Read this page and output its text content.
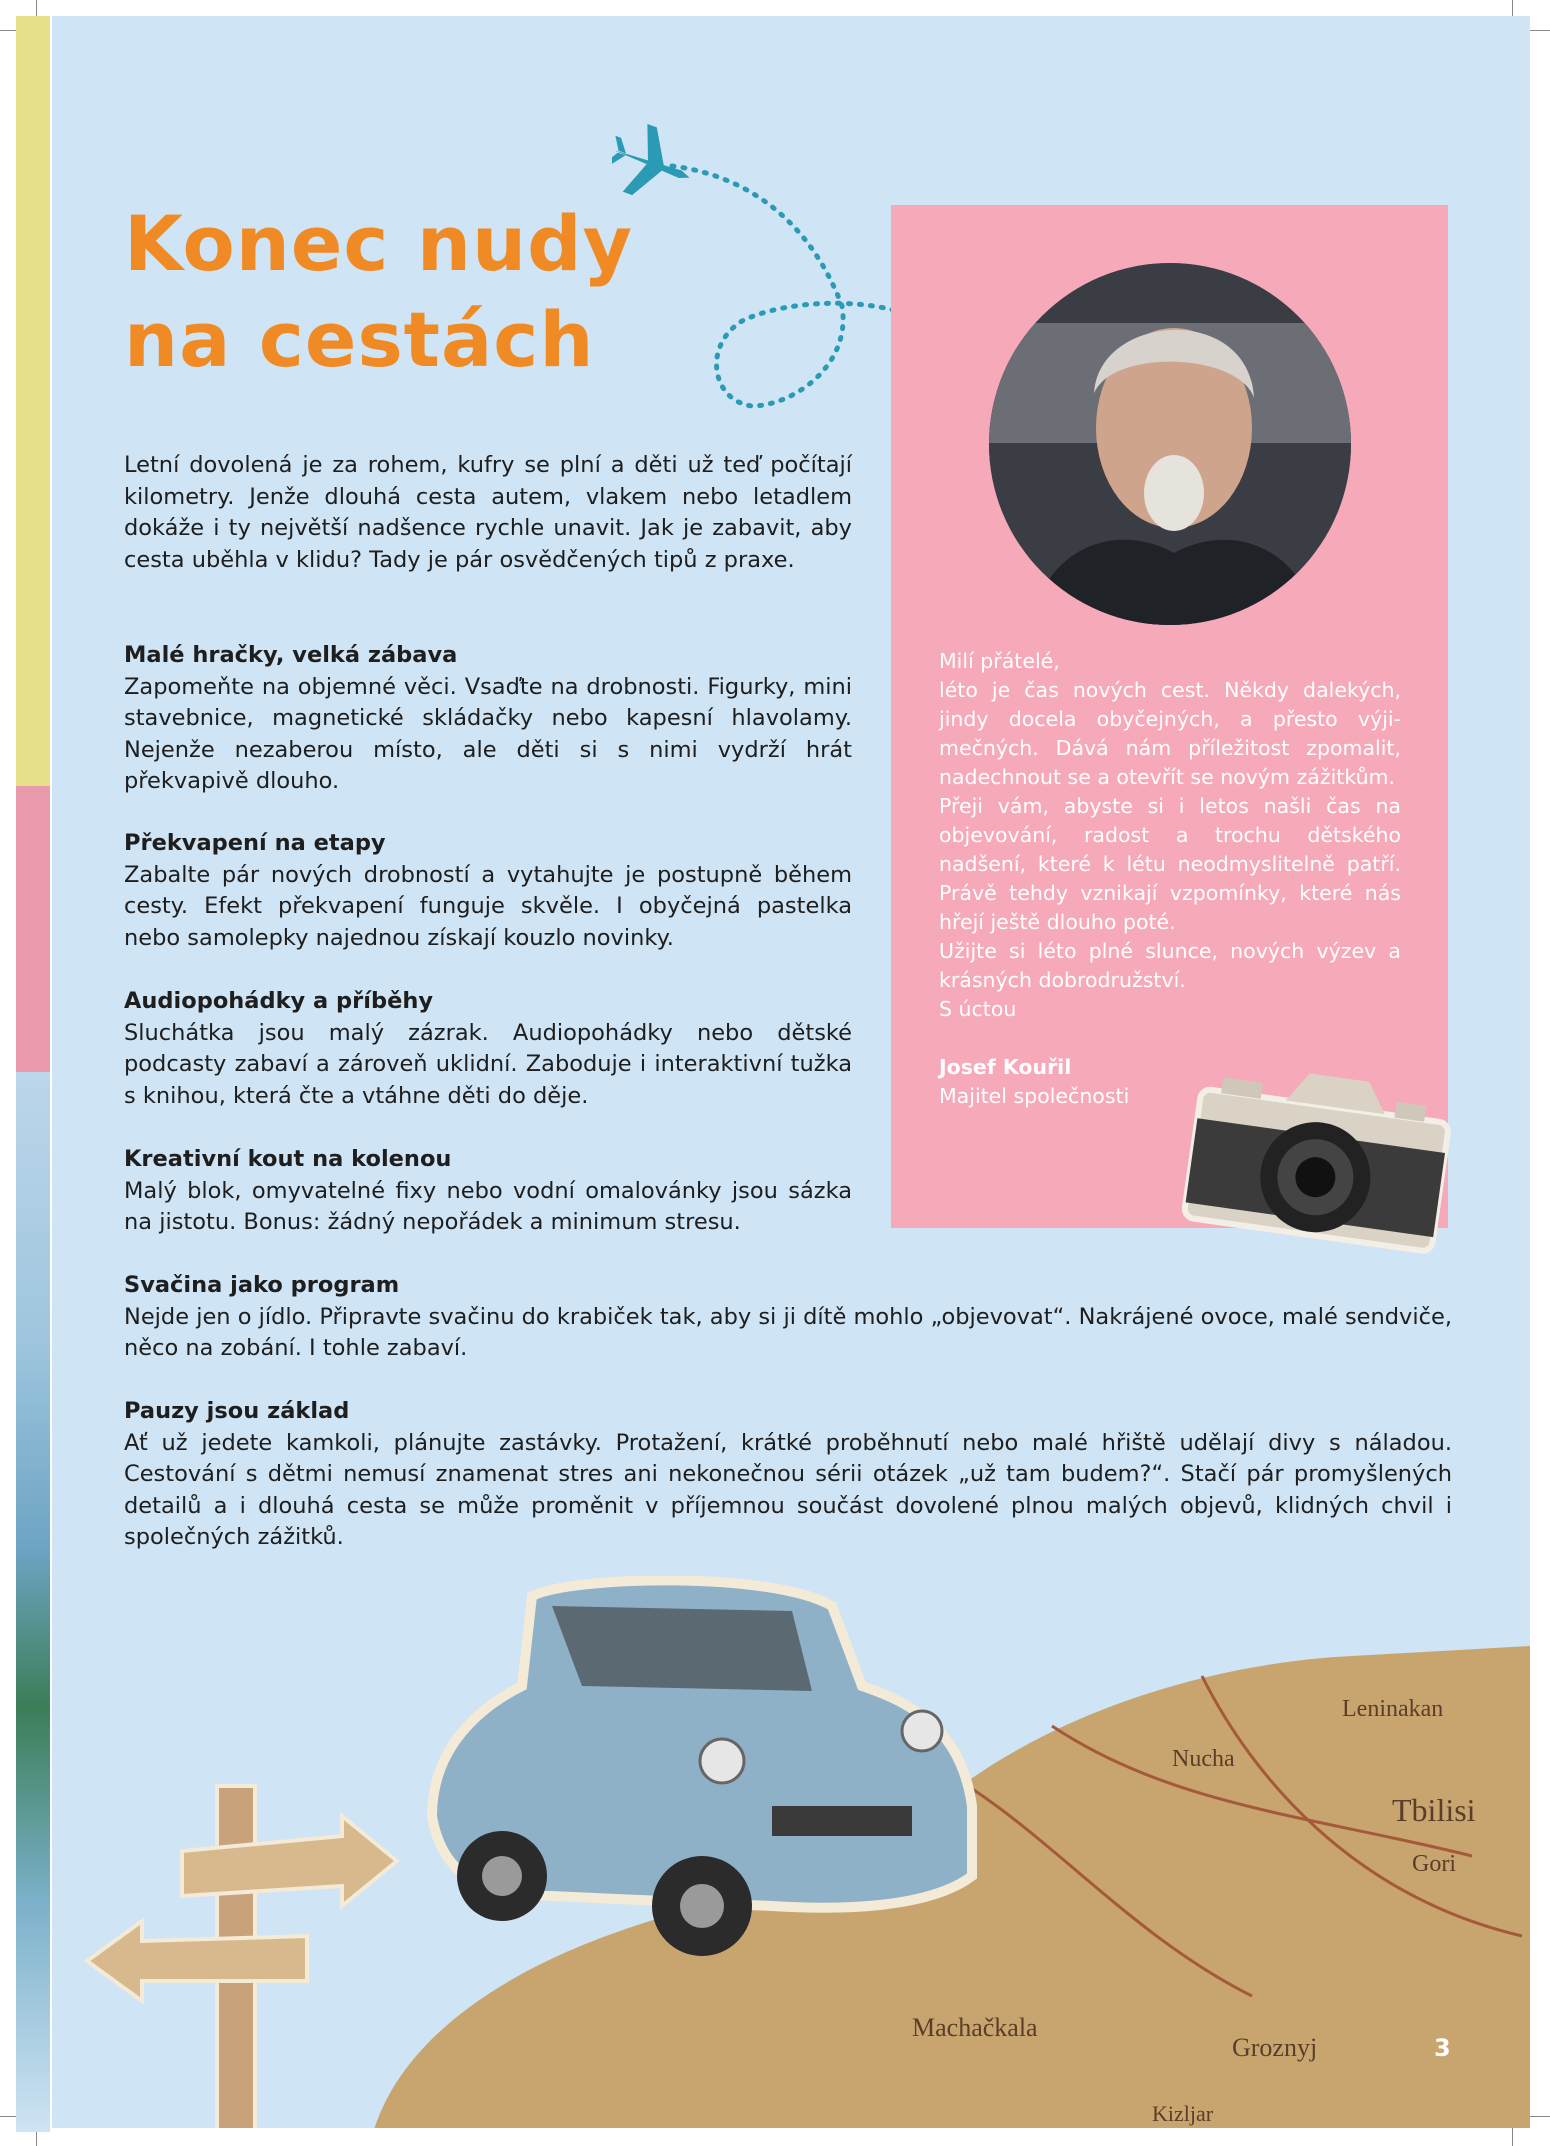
Konec nudy
na cestách

Letní dovolená je za rohem, kufry se plní a děti už teď počítají kilometry. Jenže dlouhá cesta autem, vlakem nebo letadlem dokáže i ty největší nadšence rychle unavit. Jak je zabavit, aby cesta uběhla v klidu? Tady je pár osvědčených tipů z praxe.

Malé hračky, velká zábava

Zapomeňte na objemné věci. Vsaďte na drobnosti. Figurky, mini stavebnice, magnetické skládačky nebo kapesní hlavolamy. Nejenže nezaberou místo, ale děti si s nimi vydrží hrát překvapivě dlouho.

Překvapení na etapy

Zabalte pár nových drobností a vytahujte je postupně během cesty. Efekt překvapení funguje skvěle. I obyčejná pastelka nebo samolepky najednou získají kouzlo novinky.

Audiopohádky a příběhy

Sluchátka jsou malý zázrak. Audiopohádky nebo dětské podcasty zabaví a zároveň uklidní. Zaboduje i interaktivní tužka s knihou, která čte a vtáhne děti do děje.

Kreativní kout na kolenou

Malý blok, omyvatelné fixy nebo vodní omalovánky jsou sázka na jistotu. Bonus: žádný nepořádek a minimum stresu.

Svačina jako program

Nejde jen o jídlo. Připravte svačinu do krabiček tak, aby si ji dítě mohlo „objevovat“. Nakrájené ovoce, malé sendviče, něco na zobání. I tohle zabaví.

Pauzy jsou základ

Ať už jedete kamkoli, plánujte zastávky. Protažení, krátké proběhnutí nebo malé hřiště udělají divy s náladou. Cestování s dětmi nemusí znamenat stres ani nekonečnou sérii otázek „už tam budem?“. Stačí pár promyšlených detailů a i dlouhá cesta se může proměnit v příjemnou součást dovolené plnou malých objevů, klidných chvil i společných zážitků.

Milí přátelé,

léto je čas nových cest. Někdy dalekých, jindy docela obyčejných, a přesto výji-mečných. Dává nám příležitost zpomalit, nadechnout se a otevřít se novým zážitkům.

Přeji vám, abyste si i letos našli čas na objevování, radost a trochu dětského nadšení, které k létu neodmyslitelně patří. Právě tehdy vznikají vzpomínky, které nás hřejí ještě dlouho poté.

Užijte si léto plné slunce, nových výzev a krásných dobrodružství.

S úctou

Josef Kouřil

Majitel společnosti

Tbilisi
Gori
Leninakan
Machačkala
Groznyj
Nucha
Kizljar
3
